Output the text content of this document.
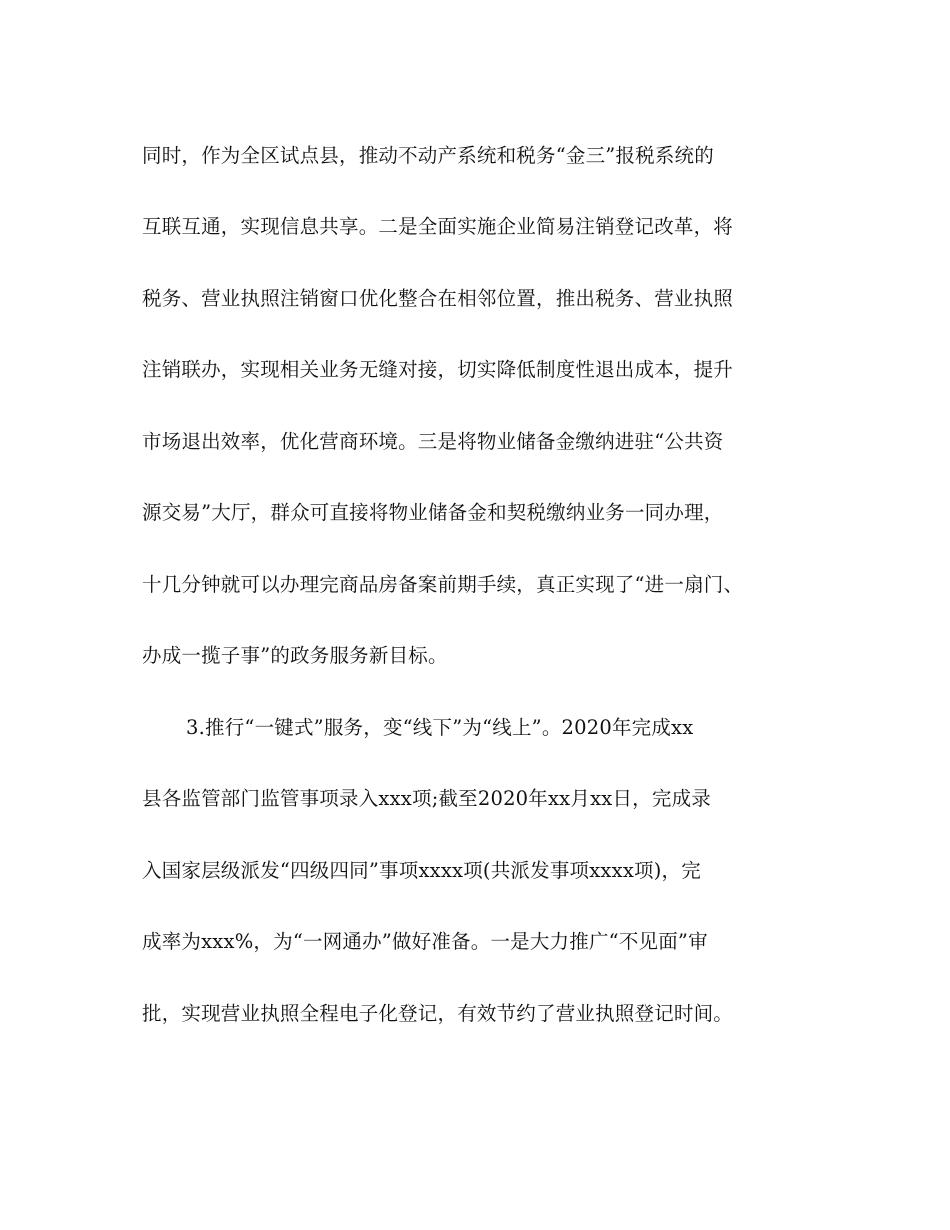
同时，作为全区试点县，推动不动产系统和税务“金三”报税系统的
互联互通，实现信息共享。二是全面实施企业简易注销登记改革，将
税务、营业执照注销窗口优化整合在相邻位置，推出税务、营业执照
注销联办，实现相关业务无缝对接，切实降低制度性退出成本，提升
市场退出效率，优化营商环境。三是将物业储备金缴纳进驻“公共资
源交易”大厅，群众可直接将物业储备金和契税缴纳业务一同办理，
十几分钟就可以办理完商品房备案前期手续，真正实现了“进一扇门、
办成一揽子事”的政务服务新目标。
3.推行“一键式”服务，变“线下”为“线上”。2020年完成xx
县各监管部门监管事项录入xxx项;截至2020年xx月xx日，完成录
入国家层级派发“四级四同”事项xxxx项(共派发事项xxxx项)，完
成率为xxx%，为“一网通办”做好准备。一是大力推广“不见面”审
批，实现营业执照全程电子化登记，有效节约了营业执照登记时间。
